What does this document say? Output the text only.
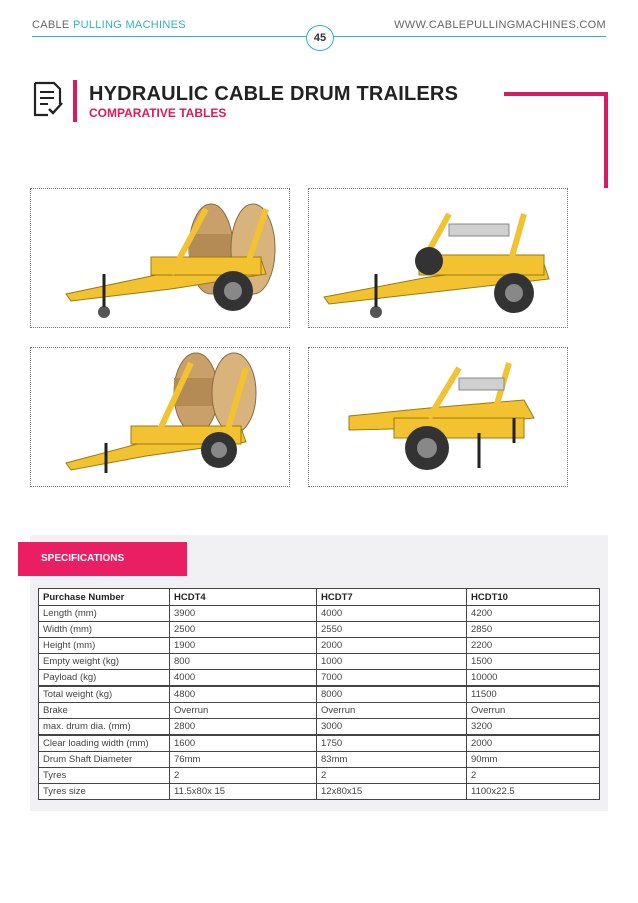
CABLE PULLING MACHINES	WWW.CABLEPULLINGMACHINES.COM
45
HYDRAULIC CABLE DRUM TRAILERS
COMPARATIVE TABLES
SPECIFICATIONS
Purchase Number	HCDT4	HCDT7	HCDT10
Length (mm)	3900	4000	4200
Width (mm)	2500	2550	2850
Height (mm)	1900	2000	2200
Empty weight (kg)	800	1000	1500
Payload (kg)	4000	7000	10000
Total weight (kg)	4800	8000	11500
Brake	Overrun	Overrun	Overrun
max. drum dia. (mm)	2800	3000	3200
Clear loading width (mm)	1600	1750	2000
Drum Shaft Diameter	76mm	83mm	90mm
Tyres	2	2	2
Tyres size	11.5x80x 15	12x80x15	1100x22.5
